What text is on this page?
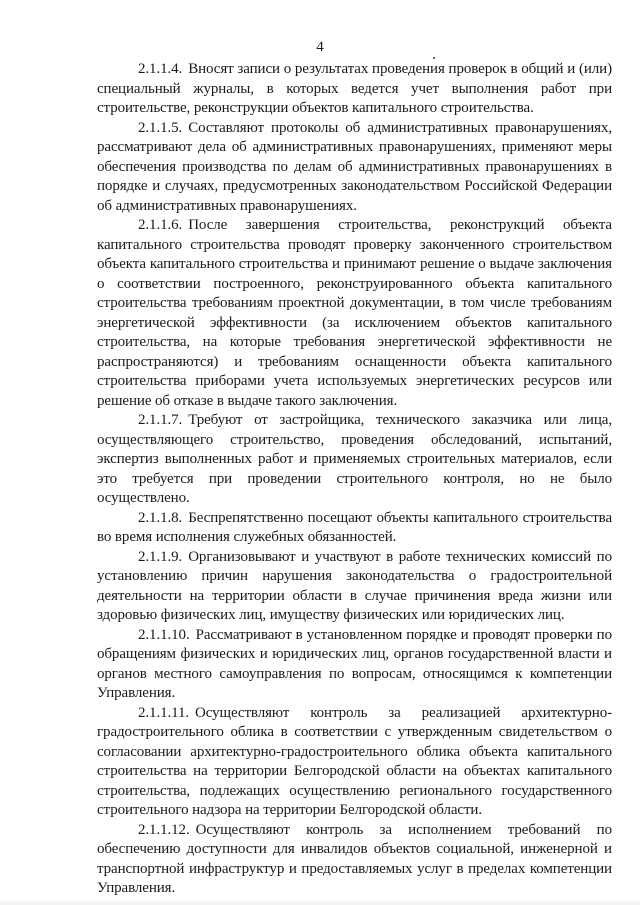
4

2.1.1.4. Вносят записи о результатах проведения проверок в общий и (или) специальный журналы, в которых ведется учет выполнения работ при строительстве, реконструкции объектов капитального строительства.

2.1.1.5. Составляют протоколы об административных правонарушениях, рассматривают дела об административных правонарушениях, применяют меры обеспечения производства по делам об административных правонарушениях в порядке и случаях, предусмотренных законодательством Российской Федерации об административных правонарушениях.

2.1.1.6. После завершения строительства, реконструкций объекта капитального строительства проводят проверку законченного строительством объекта капитального строительства и принимают решение о выдаче заключения о соответствии построенного, реконструированного объекта капитального строительства требованиям проектной документации, в том числе требованиям энергетической эффективности (за исключением объектов капитального строительства, на которые требования энергетической эффективности не распространяются) и требованиям оснащенности объекта капитального строительства приборами учета используемых энергетических ресурсов или решение об отказе в выдаче такого заключения.

2.1.1.7. Требуют от застройщика, технического заказчика или лица, осуществляющего строительство, проведения обследований, испытаний, экспертиз выполненных работ и применяемых строительных материалов, если это требуется при проведении строительного контроля, но не было осуществлено.

2.1.1.8. Беспрепятственно посещают объекты капитального строительства во время исполнения служебных обязанностей.

2.1.1.9. Организовывают и участвуют в работе технических комиссий по установлению причин нарушения законодательства о градостроительной деятельности на территории области в случае причинения вреда жизни или здоровью физических лиц, имуществу физических или юридических лиц.

2.1.1.10. Рассматривают в установленном порядке и проводят проверки по обращениям физических и юридических лиц, органов государственной власти и органов местного самоуправления по вопросам, относящимся к компетенции Управления.

2.1.1.11. Осуществляют контроль за реализацией архитектурно-градостроительного облика в соответствии с утвержденным свидетельством о согласовании архитектурно-градостроительного облика объекта капитального строительства на территории Белгородской области на объектах капитального строительства, подлежащих осуществлению регионального государственного строительного надзора на территории Белгородской области.

2.1.1.12. Осуществляют контроль за исполнением требований по обеспечению доступности для инвалидов объектов социальной, инженерной и транспортной инфраструктур и предоставляемых услуг в пределах компетенции Управления.
